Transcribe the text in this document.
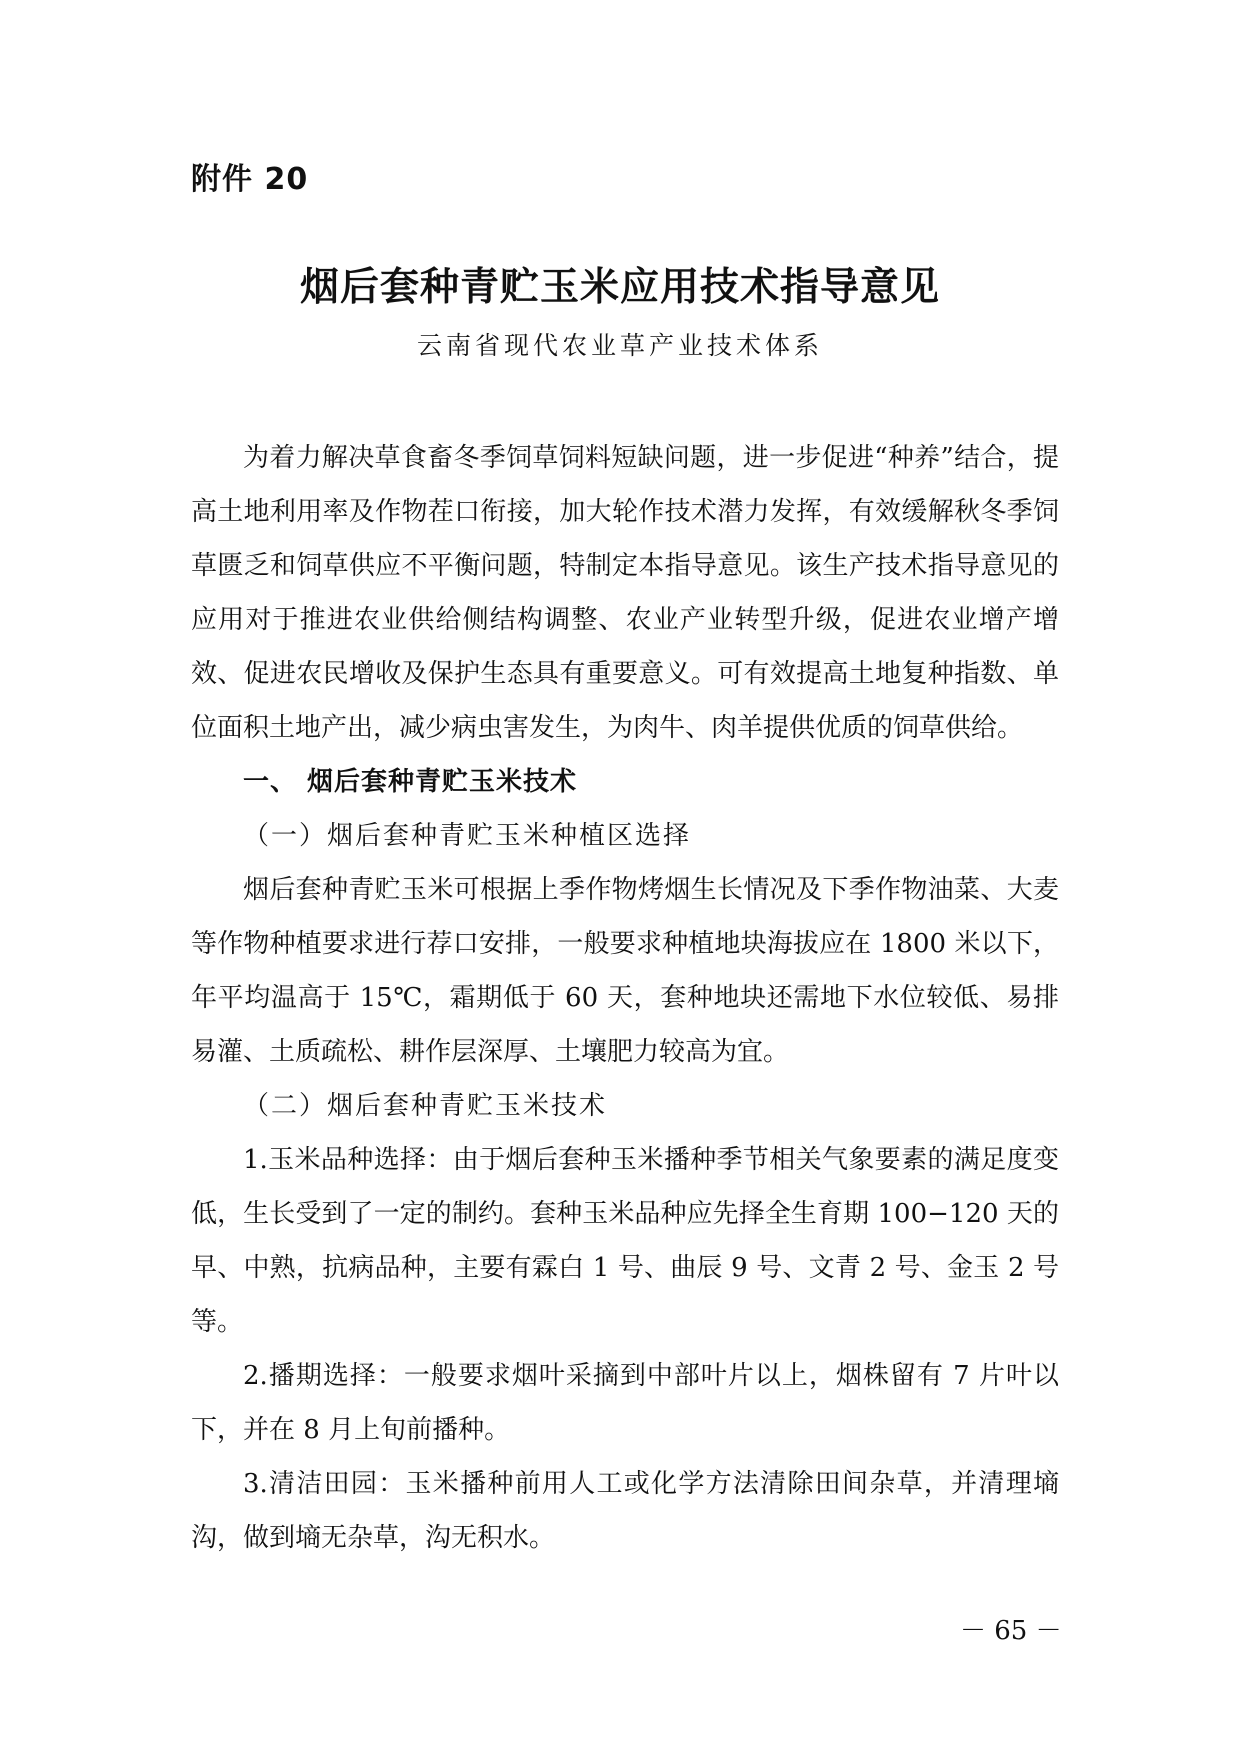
附件 20
烟后套种青贮玉米应用技术指导意见
云南省现代农业草产业技术体系

为着力解决草食畜冬季饲草饲料短缺问题，进一步促进“种养”结合，提高土地利用率及作物茬口衔接，加大轮作技术潜力发挥，有效缓解秋冬季饲草匮乏和饲草供应不平衡问题，特制定本指导意见。该生产技术指导意见的应用对于推进农业供给侧结构调整、农业产业转型升级，促进农业增产增效、促进农民增收及保护生态具有重要意义。可有效提高土地复种指数、单位面积土地产出，减少病虫害发生，为肉牛、肉羊提供优质的饲草供给。

一、 烟后套种青贮玉米技术

（一）烟后套种青贮玉米种植区选择

烟后套种青贮玉米可根据上季作物烤烟生长情况及下季作物油菜、大麦等作物种植要求进行荐口安排，一般要求种植地块海拔应在 1800 米以下，年平均温高于 15℃，霜期低于 60 天，套种地块还需地下水位较低、易排易灌、土质疏松、耕作层深厚、土壤肥力较高为宜。

（二）烟后套种青贮玉米技术

1.玉米品种选择：由于烟后套种玉米播种季节相关气象要素的满足度变低，生长受到了一定的制约。套种玉米品种应先择全生育期 100−120 天的早、中熟，抗病品种，主要有霖白 1 号、曲辰 9 号、文青 2 号、金玉 2 号等。

2.播期选择：一般要求烟叶采摘到中部叶片以上，烟株留有 7 片叶以下，并在 8 月上旬前播种。

3.清洁田园：玉米播种前用人工或化学方法清除田间杂草，并清理墒沟，做到墒无杂草，沟无积水。

－ 65 －
